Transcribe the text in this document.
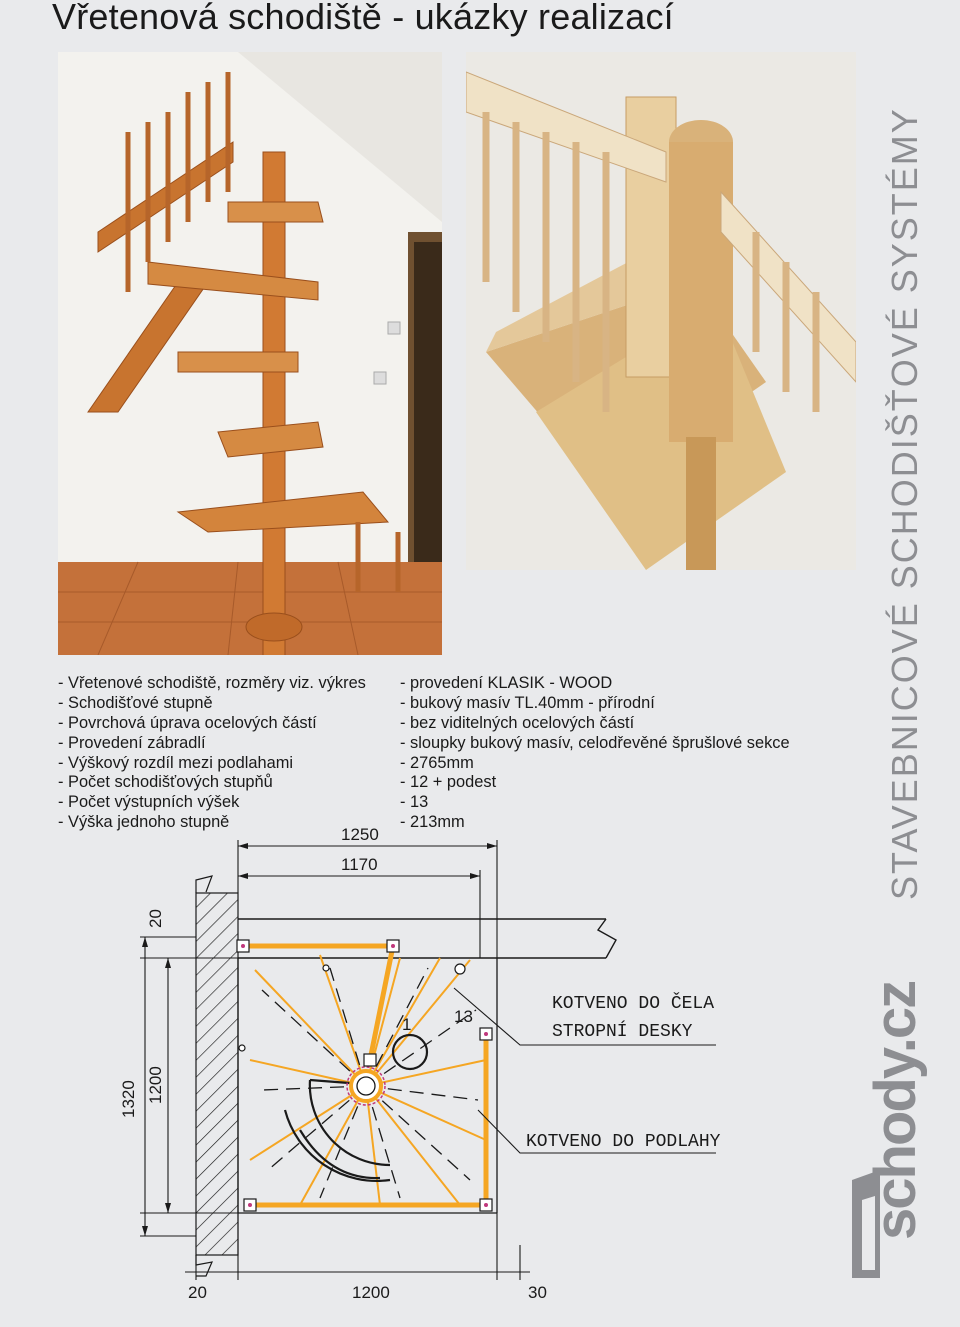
Vřetenová schodiště - ukázky realizací
- Vřetenové schodiště, rozměry viz. výkres
- Schodišťové stupně
- Povrchová úprava ocelových částí
- Provedení zábradlí
- Výškový rozdíl mezi podlahami
- Počet schodišťových stupňů
- Počet výstupních výšek
- Výška jednoho stupně
- provedení KLASIK - WOOD
- bukový masív TL.40mm - přírodní
- bez viditelných ocelových částí
- sloupky bukový masív, celodřevěné šprušlové sekce
- 2765mm
- 12 + podest
- 13
- 213mm	STAVEBNICOVÉ SCHODIŠŤOVÉ SYSTÉMY
1250
1170
20
1320 1200
20	1200	30
1	13
KOTVENO DO ČELA
STROPNÍ DESKY
KOTVENO DO PODLAHY schody.cz
